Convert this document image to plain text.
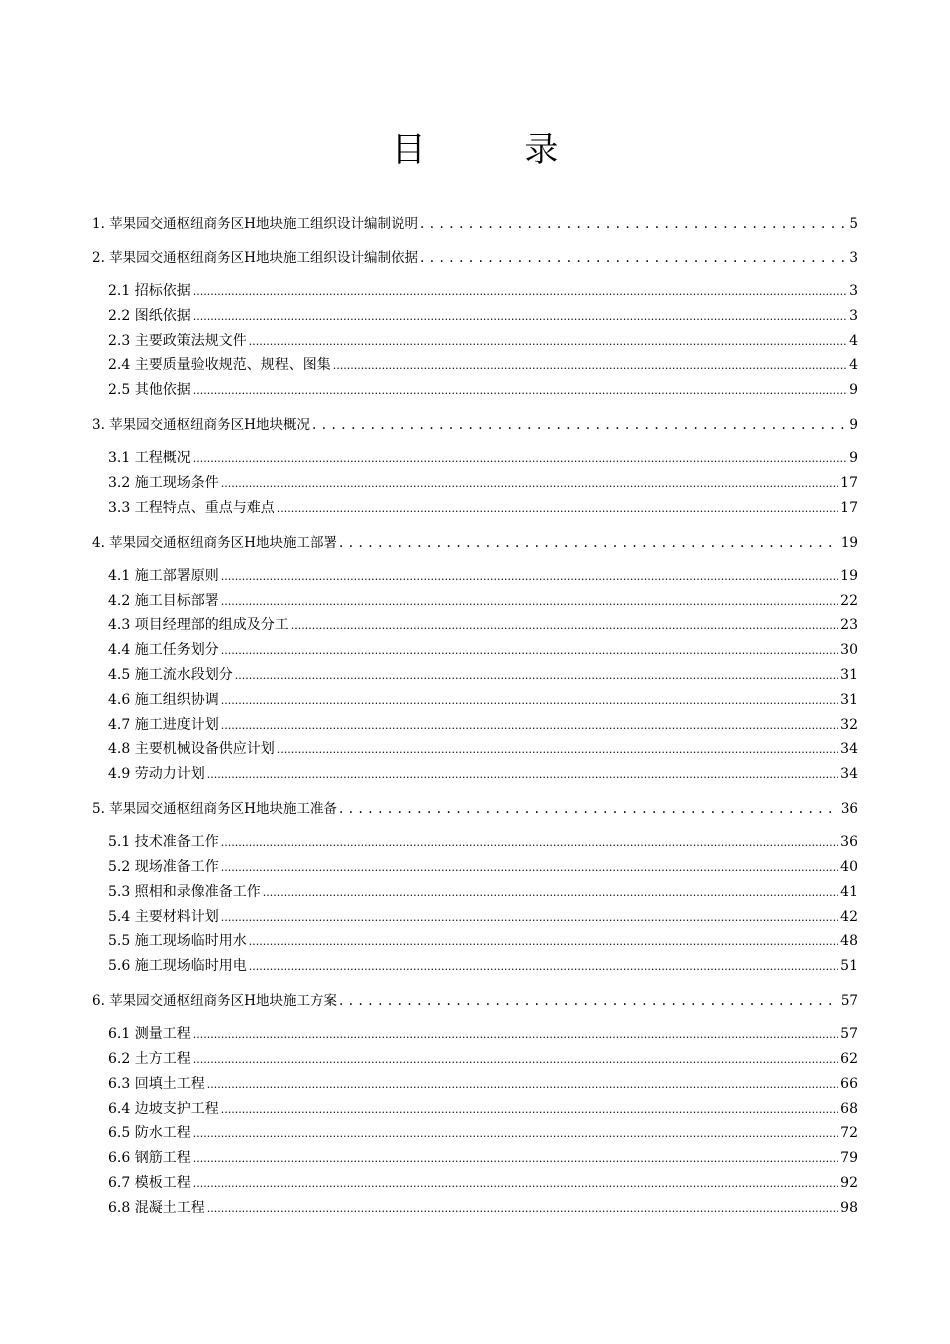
目 录
1. 苹果园交通枢纽商务区H地块施工组织设计编制说明 . . .	5
2. 苹果园交通枢纽商务区H地块施工组织设计编制依据 . . .	3
2.1 招标依据 .....	3
2.2 图纸依据 .....	3
2.3 主要政策法规文件 .....	4
2.4 主要质量验收规范、规程、图集 .....	4
2.5 其他依据 .....	9
3. 苹果园交通枢纽商务区H地块概况 . . .	9
3.1 工程概况 .....	9
3.2 施工现场条件 .....	17
3.3 工程特点、重点与难点 .....	17
4. 苹果园交通枢纽商务区H地块施工部署 . . .	19
4.1 施工部署原则 .....	19
4.2 施工目标部署 .....	22
4.3 项目经理部的组成及分工 .....	23
4.4 施工任务划分 .....	30
4.5 施工流水段划分 .....	31
4.6 施工组织协调 .....	31
4.7 施工进度计划 .....	32
4.8 主要机械设备供应计划 .....	34
4.9 劳动力计划 .....	34
5. 苹果园交通枢纽商务区H地块施工准备 . . .	36
5.1 技术准备工作 .....	36
5.2 现场准备工作 .....	40
5.3 照相和录像准备工作 .....	41
5.4 主要材料计划 .....	42
5.5 施工现场临时用水 .....	48
5.6 施工现场临时用电 .....	51
6. 苹果园交通枢纽商务区H地块施工方案 . . .	57
6.1 测量工程 .....	57
6.2 土方工程 .....	62
6.3 回填土工程 .....	66
6.4 边坡支护工程 .....	68
6.5 防水工程 .....	72
6.6 钢筋工程 .....	79
6.7 模板工程 .....	92
6.8 混凝土工程 .....	98
